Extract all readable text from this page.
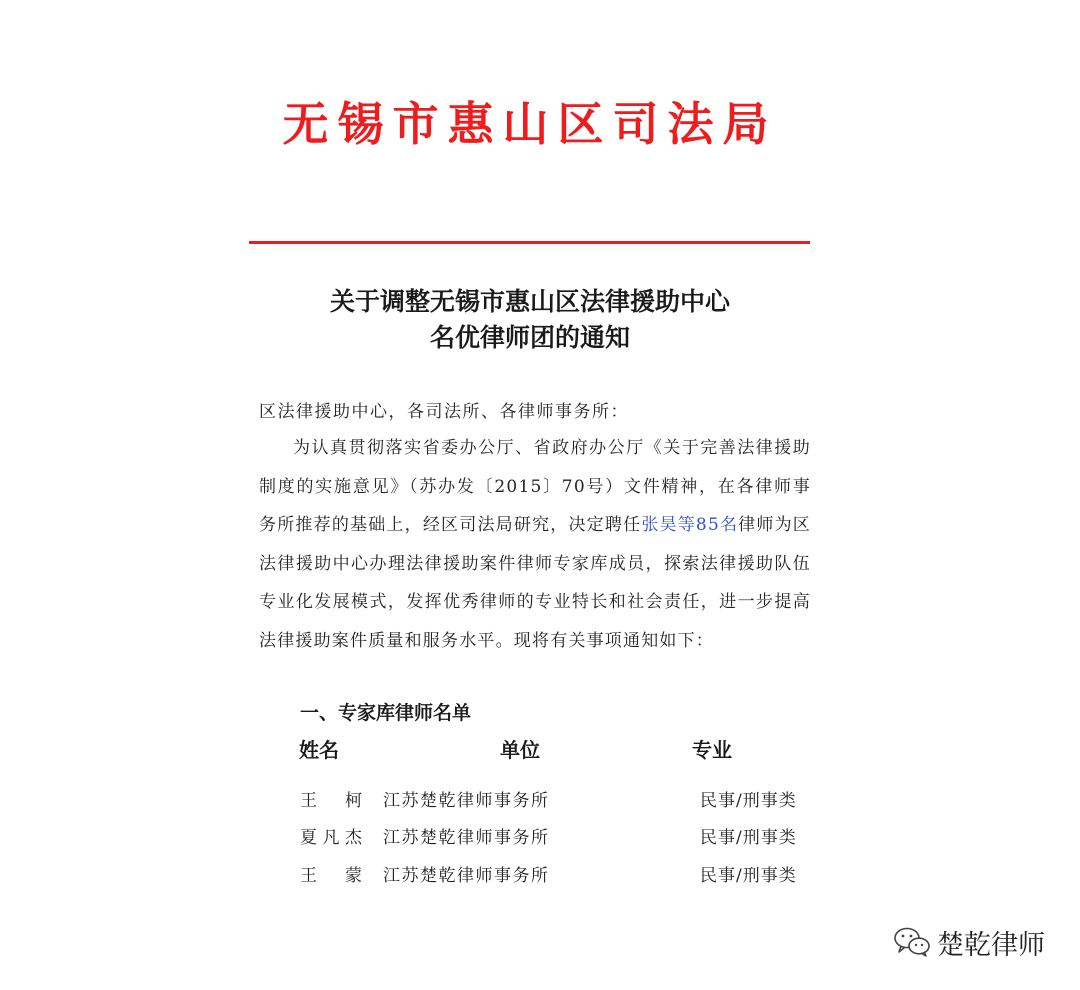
无锡市惠山区司法局
关于调整无锡市惠山区法律援助中心
名优律师团的通知
区法律援助中心，各司法所、各律师事务所：

为认真贯彻落实省委办公厅、省政府办公厅《关于完善法律援助制度的实施意见》（苏办发〔2015〕70号）文件精神，在各律师事务所推荐的基础上，经区司法局研究，决定聘任张昊等85名律师为区法律援助中心办理法律援助案件律师专家库成员，探索法律援助队伍专业化发展模式，发挥优秀律师的专业特长和社会责任，进一步提高法律援助案件质量和服务水平。现将有关事项通知如下：

一、专家库律师名单
姓名	单位	专业
王柯 江苏楚乾律师事务所	民事/刑事类
夏凡杰 江苏楚乾律师事务所	民事/刑事类
王蒙 江苏楚乾律师事务所	民事/刑事类
楚乾律师
